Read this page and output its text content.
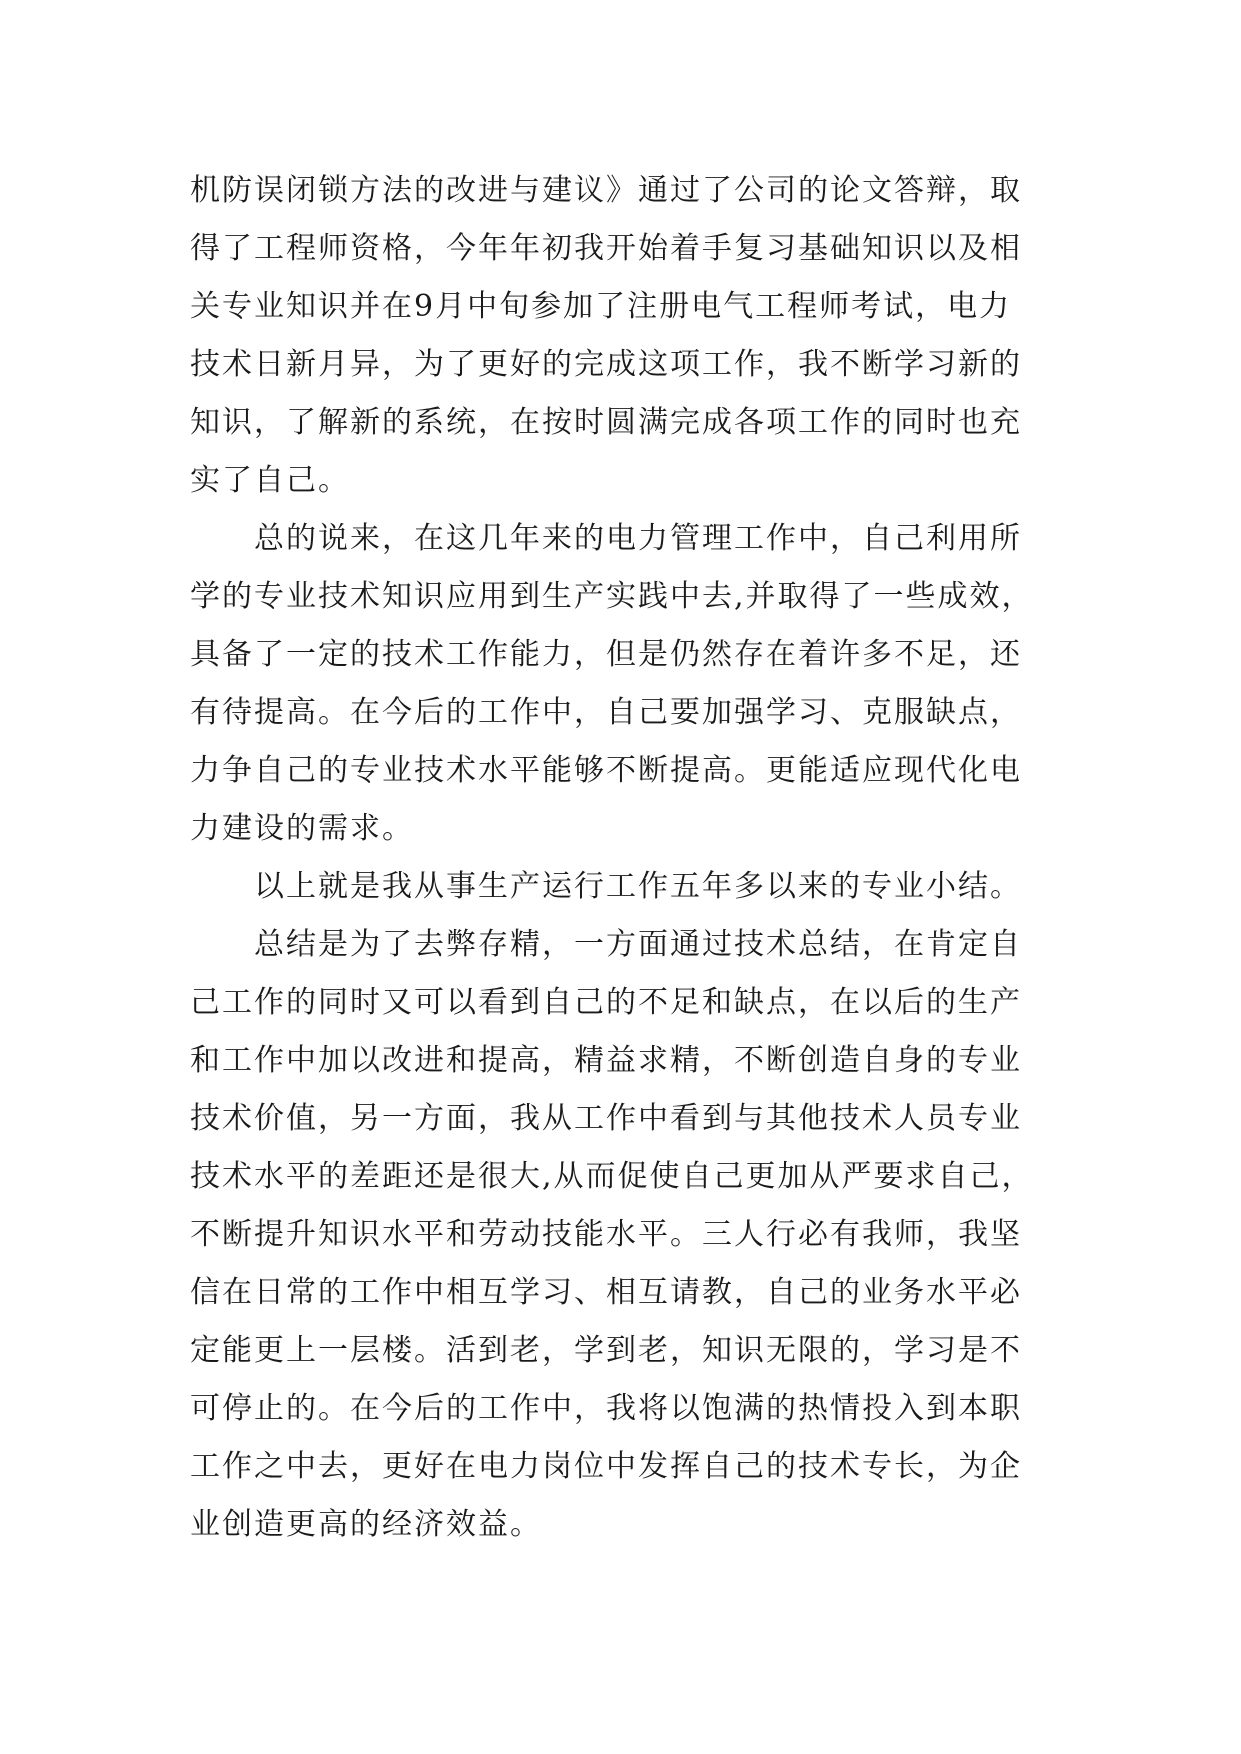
机防误闭锁方法的改进与建议》通过了公司的论文答辩，取
得了工程师资格，今年年初我开始着手复习基础知识以及相
关专业知识并在9月中旬参加了注册电气工程师考试，电力
技术日新月异，为了更好的完成这项工作，我不断学习新的
知识，了解新的系统，在按时圆满完成各项工作的同时也充
实了自己。
总的说来，在这几年来的电力管理工作中，自己利用所
学的专业技术知识应用到生产实践中去,并取得了一些成效，
具备了一定的技术工作能力，但是仍然存在着许多不足，还
有待提高。在今后的工作中，自己要加强学习、克服缺点，
力争自己的专业技术水平能够不断提高。更能适应现代化电
力建设的需求。
以上就是我从事生产运行工作五年多以来的专业小结。
总结是为了去弊存精，一方面通过技术总结，在肯定自
己工作的同时又可以看到自己的不足和缺点，在以后的生产
和工作中加以改进和提高，精益求精，不断创造自身的专业
技术价值，另一方面，我从工作中看到与其他技术人员专业
技术水平的差距还是很大,从而促使自己更加从严要求自己，
不断提升知识水平和劳动技能水平。三人行必有我师，我坚
信在日常的工作中相互学习、相互请教，自己的业务水平必
定能更上一层楼。活到老，学到老，知识无限的，学习是不
可停止的。在今后的工作中，我将以饱满的热情投入到本职
工作之中去，更好在电力岗位中发挥自己的技术专长，为企
业创造更高的经济效益。
